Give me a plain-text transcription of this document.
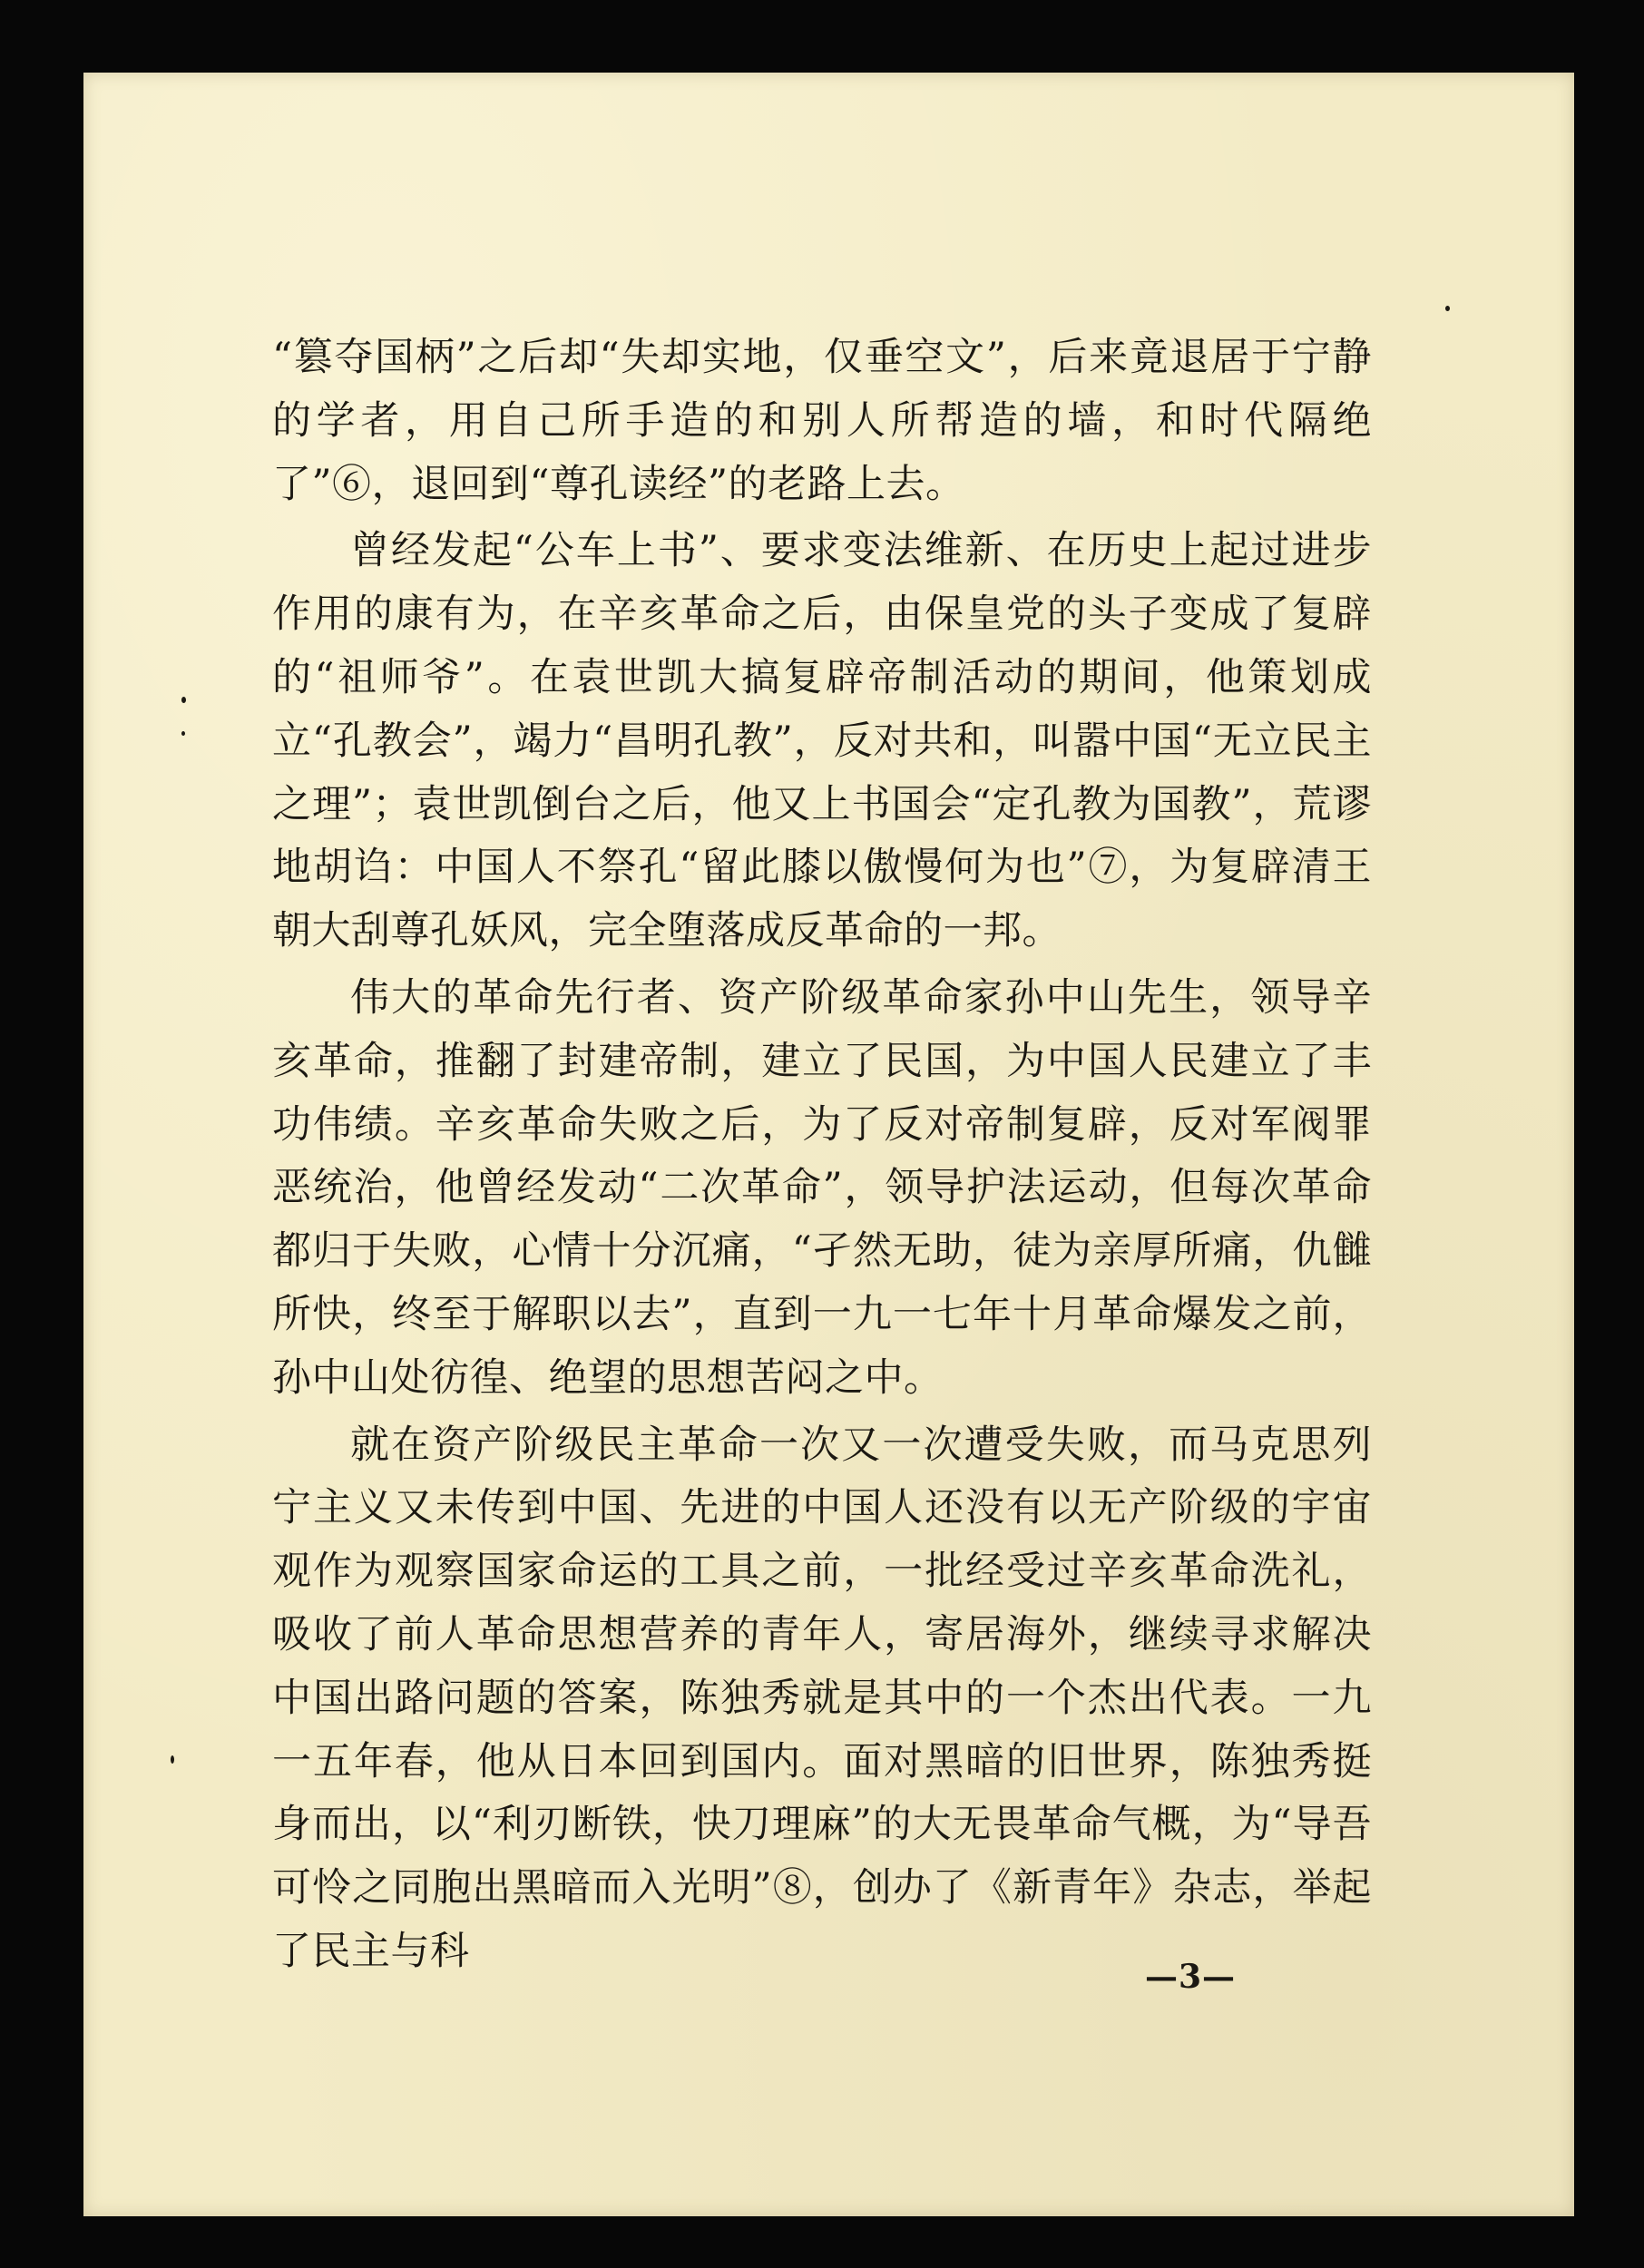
“篡夺国柄”之后却“失却实地，仅垂空文”，后来竟退居于宁静的学者，用自己所手造的和别人所帮造的墙，和时代隔绝了”⑥，退回到“尊孔读经”的老路上去。

曾经发起“公车上书”、要求变法维新、在历史上起过进步作用的康有为，在辛亥革命之后，由保皇党的头子变成了复辟的“祖师爷”。在袁世凯大搞复辟帝制活动的期间，他策划成立“孔教会”，竭力“昌明孔教”，反对共和，叫嚣中国“无立民主之理”；袁世凯倒台之后，他又上书国会“定孔教为国教”，荒谬地胡诌：中国人不祭孔“留此膝以傲慢何为也”⑦，为复辟清王朝大刮尊孔妖风，完全堕落成反革命的一邦。

伟大的革命先行者、资产阶级革命家孙中山先生，领导辛亥革命，推翻了封建帝制，建立了民国，为中国人民建立了丰功伟绩。辛亥革命失败之后，为了反对帝制复辟，反对军阀罪恶统治，他曾经发动“二次革命”，领导护法运动，但每次革命都归于失败，心情十分沉痛，“孑然无助，徒为亲厚所痛，仇雠所快，终至于解职以去”，直到一九一七年十月革命爆发之前，孙中山处彷徨、绝望的思想苦闷之中。

就在资产阶级民主革命一次又一次遭受失败，而马克思列宁主义又未传到中国、先进的中国人还没有以无产阶级的宇宙观作为观察国家命运的工具之前，一批经受过辛亥革命洗礼，吸收了前人革命思想营养的青年人，寄居海外，继续寻求解决中国出路问题的答案，陈独秀就是其中的一个杰出代表。一九一五年春，他从日本回到国内。面对黑暗的旧世界，陈独秀挺身而出，以“利刃断铁，快刀理麻”的大无畏革命气概，为“导吾可怜之同胞出黑暗而入光明”⑧，创办了《新青年》杂志，举起了民主与科

—3—
